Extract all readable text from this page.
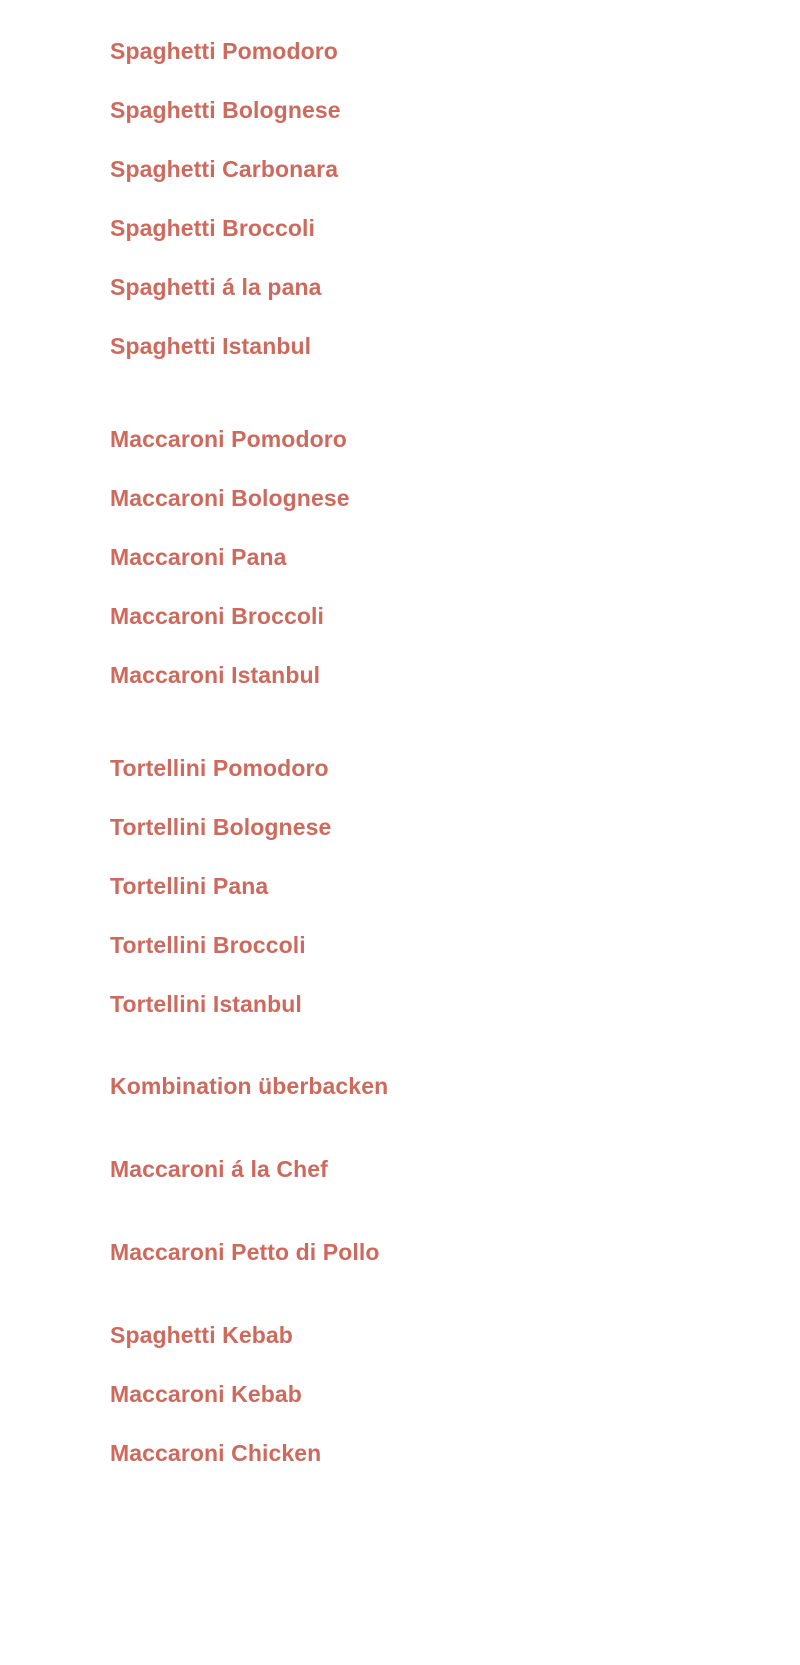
Spaghetti Pomodoro
Spaghetti Bolognese
Spaghetti Carbonara
Spaghetti Broccoli
Spaghetti á la pana
Spaghetti Istanbul
Maccaroni Pomodoro
Maccaroni Bolognese
Maccaroni Pana
Maccaroni Broccoli
Maccaroni Istanbul
Tortellini Pomodoro
Tortellini Bolognese
Tortellini Pana
Tortellini Broccoli
Tortellini Istanbul
Kombination überbacken
Maccaroni á la Chef
Maccaroni Petto di Pollo
Spaghetti Kebab
Maccaroni Kebab
Maccaroni Chicken
